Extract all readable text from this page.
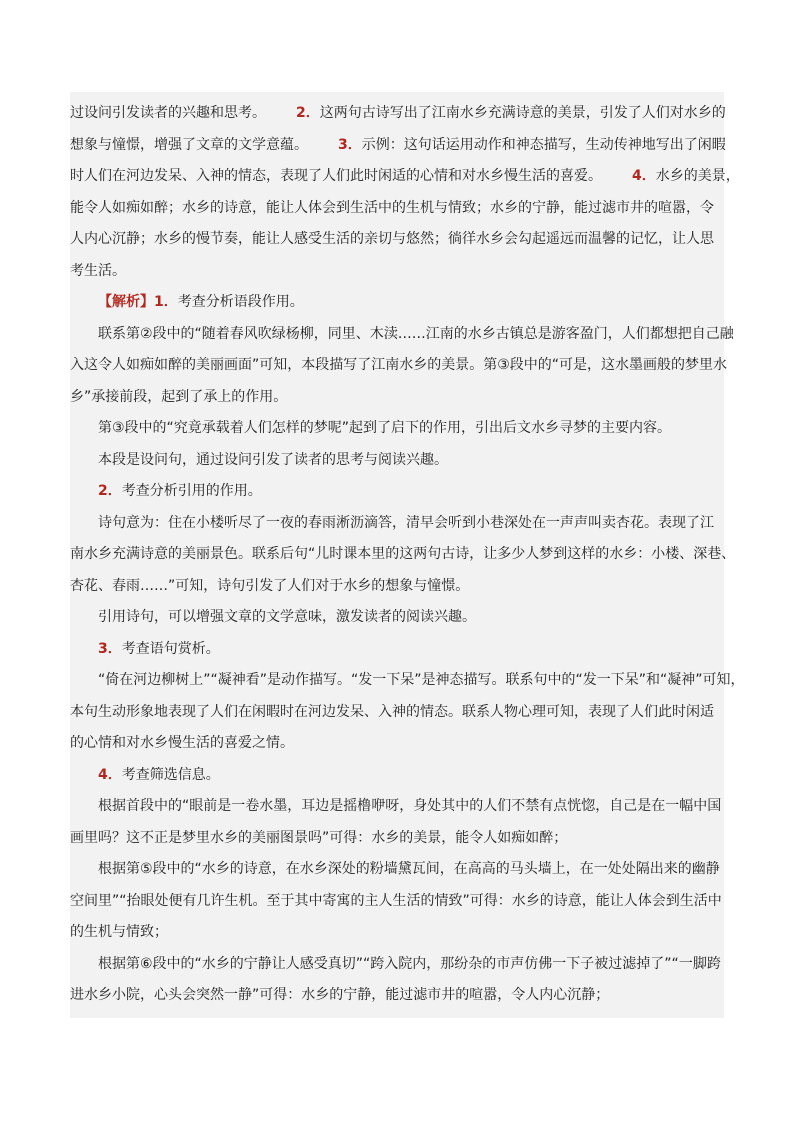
过设问引发读者的兴趣和思考。 2．这两句古诗写出了江南水乡充满诗意的美景，引发了人们对水乡的
想象与憧憬，增强了文章的文学意蕴。 3．示例：这句话运用动作和神态描写，生动传神地写出了闲暇
时人们在河边发呆、入神的情态，表现了人们此时闲适的心情和对水乡慢生活的喜爱。 4．水乡的美景，
能令人如痴如醉；水乡的诗意，能让人体会到生活中的生机与情致；水乡的宁静，能过滤市井的喧嚣，令
人内心沉静；水乡的慢节奏，能让人感受生活的亲切与悠然；徜徉水乡会勾起遥远而温馨的记忆，让人思
考生活。
【解析】1．考查分析语段作用。
联系第②段中的“随着春风吹绿杨柳，同里、木渎……江南的水乡古镇总是游客盈门，人们都想把自己融
入这令人如痴如醉的美丽画面”可知，本段描写了江南水乡的美景。第③段中的“可是，这水墨画般的梦里水
乡”承接前段，起到了承上的作用。
第③段中的“究竟承载着人们怎样的梦呢”起到了启下的作用，引出后文水乡寻梦的主要内容。
本段是设问句，通过设问引发了读者的思考与阅读兴趣。
2．考查分析引用的作用。
诗句意为：住在小楼听尽了一夜的春雨淅沥滴答，清早会听到小巷深处在一声声叫卖杏花。表现了江
南水乡充满诗意的美丽景色。联系后句“儿时课本里的这两句古诗，让多少人梦到这样的水乡：小楼、深巷、
杏花、春雨……”可知，诗句引发了人们对于水乡的想象与憧憬。
引用诗句，可以增强文章的文学意味，激发读者的阅读兴趣。
3．考查语句赏析。
“倚在河边柳树上”“凝神看”是动作描写。“发一下呆”是神态描写。联系句中的“发一下呆”和“凝神”可知，
本句生动形象地表现了人们在闲暇时在河边发呆、入神的情态。联系人物心理可知，表现了人们此时闲适
的心情和对水乡慢生活的喜爱之情。
4．考查筛选信息。
根据首段中的“眼前是一卷水墨，耳边是摇橹咿呀，身处其中的人们不禁有点恍惚，自己是在一幅中国
画里吗？这不正是梦里水乡的美丽图景吗”可得：水乡的美景，能令人如痴如醉；
根据第⑤段中的“水乡的诗意，在水乡深处的粉墙黛瓦间，在高高的马头墙上，在一处处隔出来的幽静
空间里”“抬眼处便有几许生机。至于其中寄寓的主人生活的情致”可得：水乡的诗意，能让人体会到生活中
的生机与情致；
根据第⑥段中的“水乡的宁静让人感受真切”“跨入院内，那纷杂的市声仿佛一下子被过滤掉了”“一脚跨
进水乡小院，心头会突然一静”可得：水乡的宁静，能过滤市井的喧嚣，令人内心沉静；
